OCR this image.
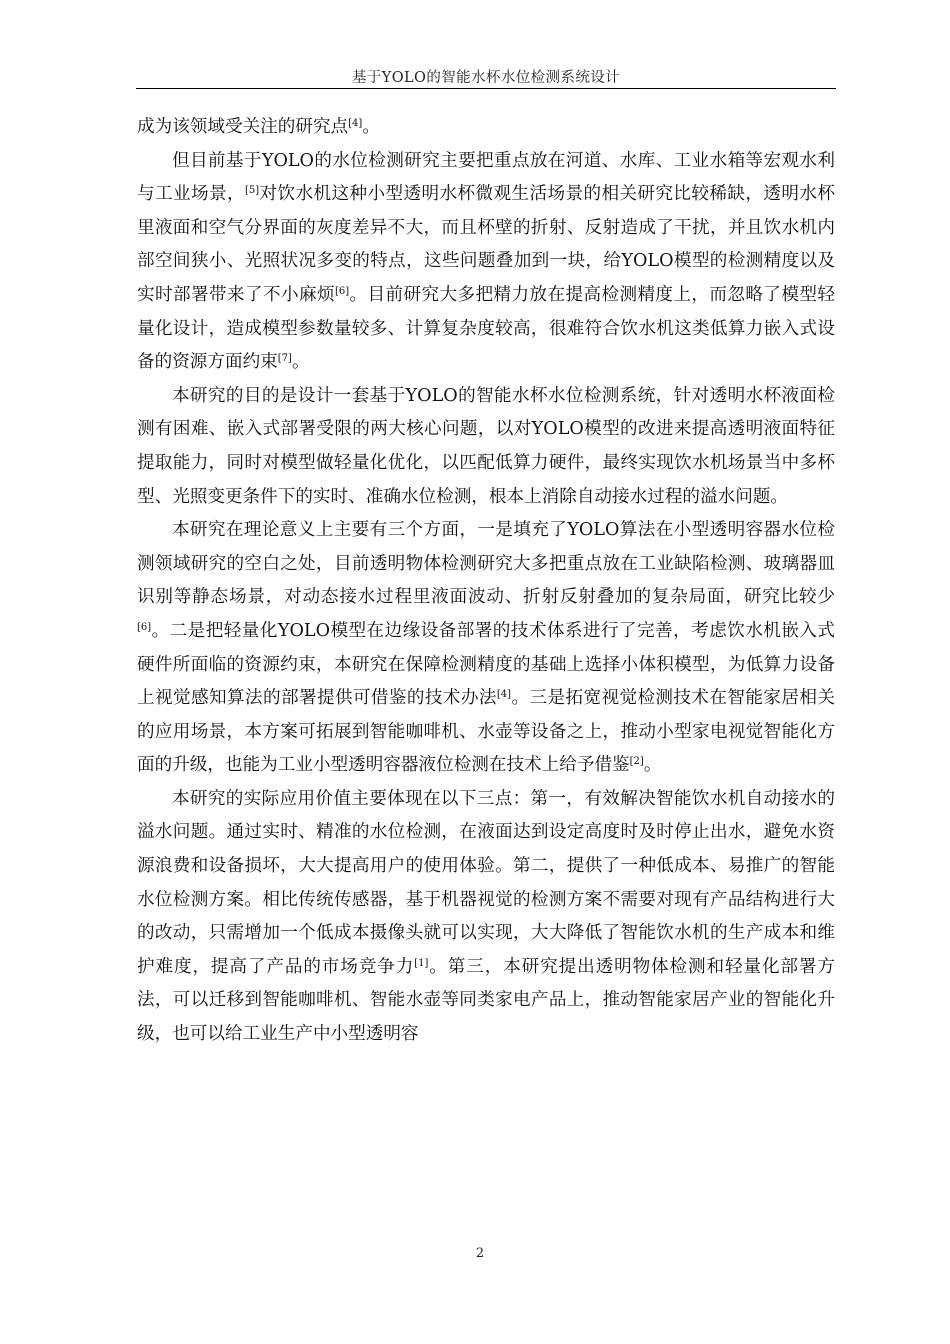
基于YOLO的智能水杯水位检测系统设计

成为该领域受关注的研究点[4]。

但目前基于YOLO的水位检测研究主要把重点放在河道、水库、工业水箱等宏观水利与工业场景，[5]对饮水机这种小型透明水杯微观生活场景的相关研究比较稀缺，透明水杯里液面和空气分界面的灰度差异不大，而且杯壁的折射、反射造成了干扰，并且饮水机内部空间狭小、光照状况多变的特点，这些问题叠加到一块，给YOLO模型的检测精度以及实时部署带来了不小麻烦[6]。目前研究大多把精力放在提高检测精度上，而忽略了模型轻量化设计，造成模型参数量较多、计算复杂度较高，很难符合饮水机这类低算力嵌入式设备的资源方面约束[7]。

本研究的目的是设计一套基于YOLO的智能水杯水位检测系统，针对透明水杯液面检测有困难、嵌入式部署受限的两大核心问题，以对YOLO模型的改进来提高透明液面特征提取能力，同时对模型做轻量化优化，以匹配低算力硬件，最终实现饮水机场景当中多杯型、光照变更条件下的实时、准确水位检测，根本上消除自动接水过程的溢水问题。

本研究在理论意义上主要有三个方面，一是填充了YOLO算法在小型透明容器水位检测领域研究的空白之处，目前透明物体检测研究大多把重点放在工业缺陷检测、玻璃器皿识别等静态场景，对动态接水过程里液面波动、折射反射叠加的复杂局面，研究比较少[6]。二是把轻量化YOLO模型在边缘设备部署的技术体系进行了完善，考虑饮水机嵌入式硬件所面临的资源约束，本研究在保障检测精度的基础上选择小体积模型，为低算力设备上视觉感知算法的部署提供可借鉴的技术办法[4]。三是拓宽视觉检测技术在智能家居相关的应用场景，本方案可拓展到智能咖啡机、水壶等设备之上，推动小型家电视觉智能化方面的升级，也能为工业小型透明容器液位检测在技术上给予借鉴[2]。

本研究的实际应用价值主要体现在以下三点：第一，有效解决智能饮水机自动接水的溢水问题。通过实时、精准的水位检测，在液面达到设定高度时及时停止出水，避免水资源浪费和设备损坏，大大提高用户的使用体验。第二，提供了一种低成本、易推广的智能水位检测方案。相比传统传感器，基于机器视觉的检测方案不需要对现有产品结构进行大的改动，只需增加一个低成本摄像头就可以实现，大大降低了智能饮水机的生产成本和维护难度，提高了产品的市场竞争力[1]。第三，本研究提出透明物体检测和轻量化部署方法，可以迁移到智能咖啡机、智能水壶等同类家电产品上，推动智能家居产业的智能化升级，也可以给工业生产中小型透明容

2
